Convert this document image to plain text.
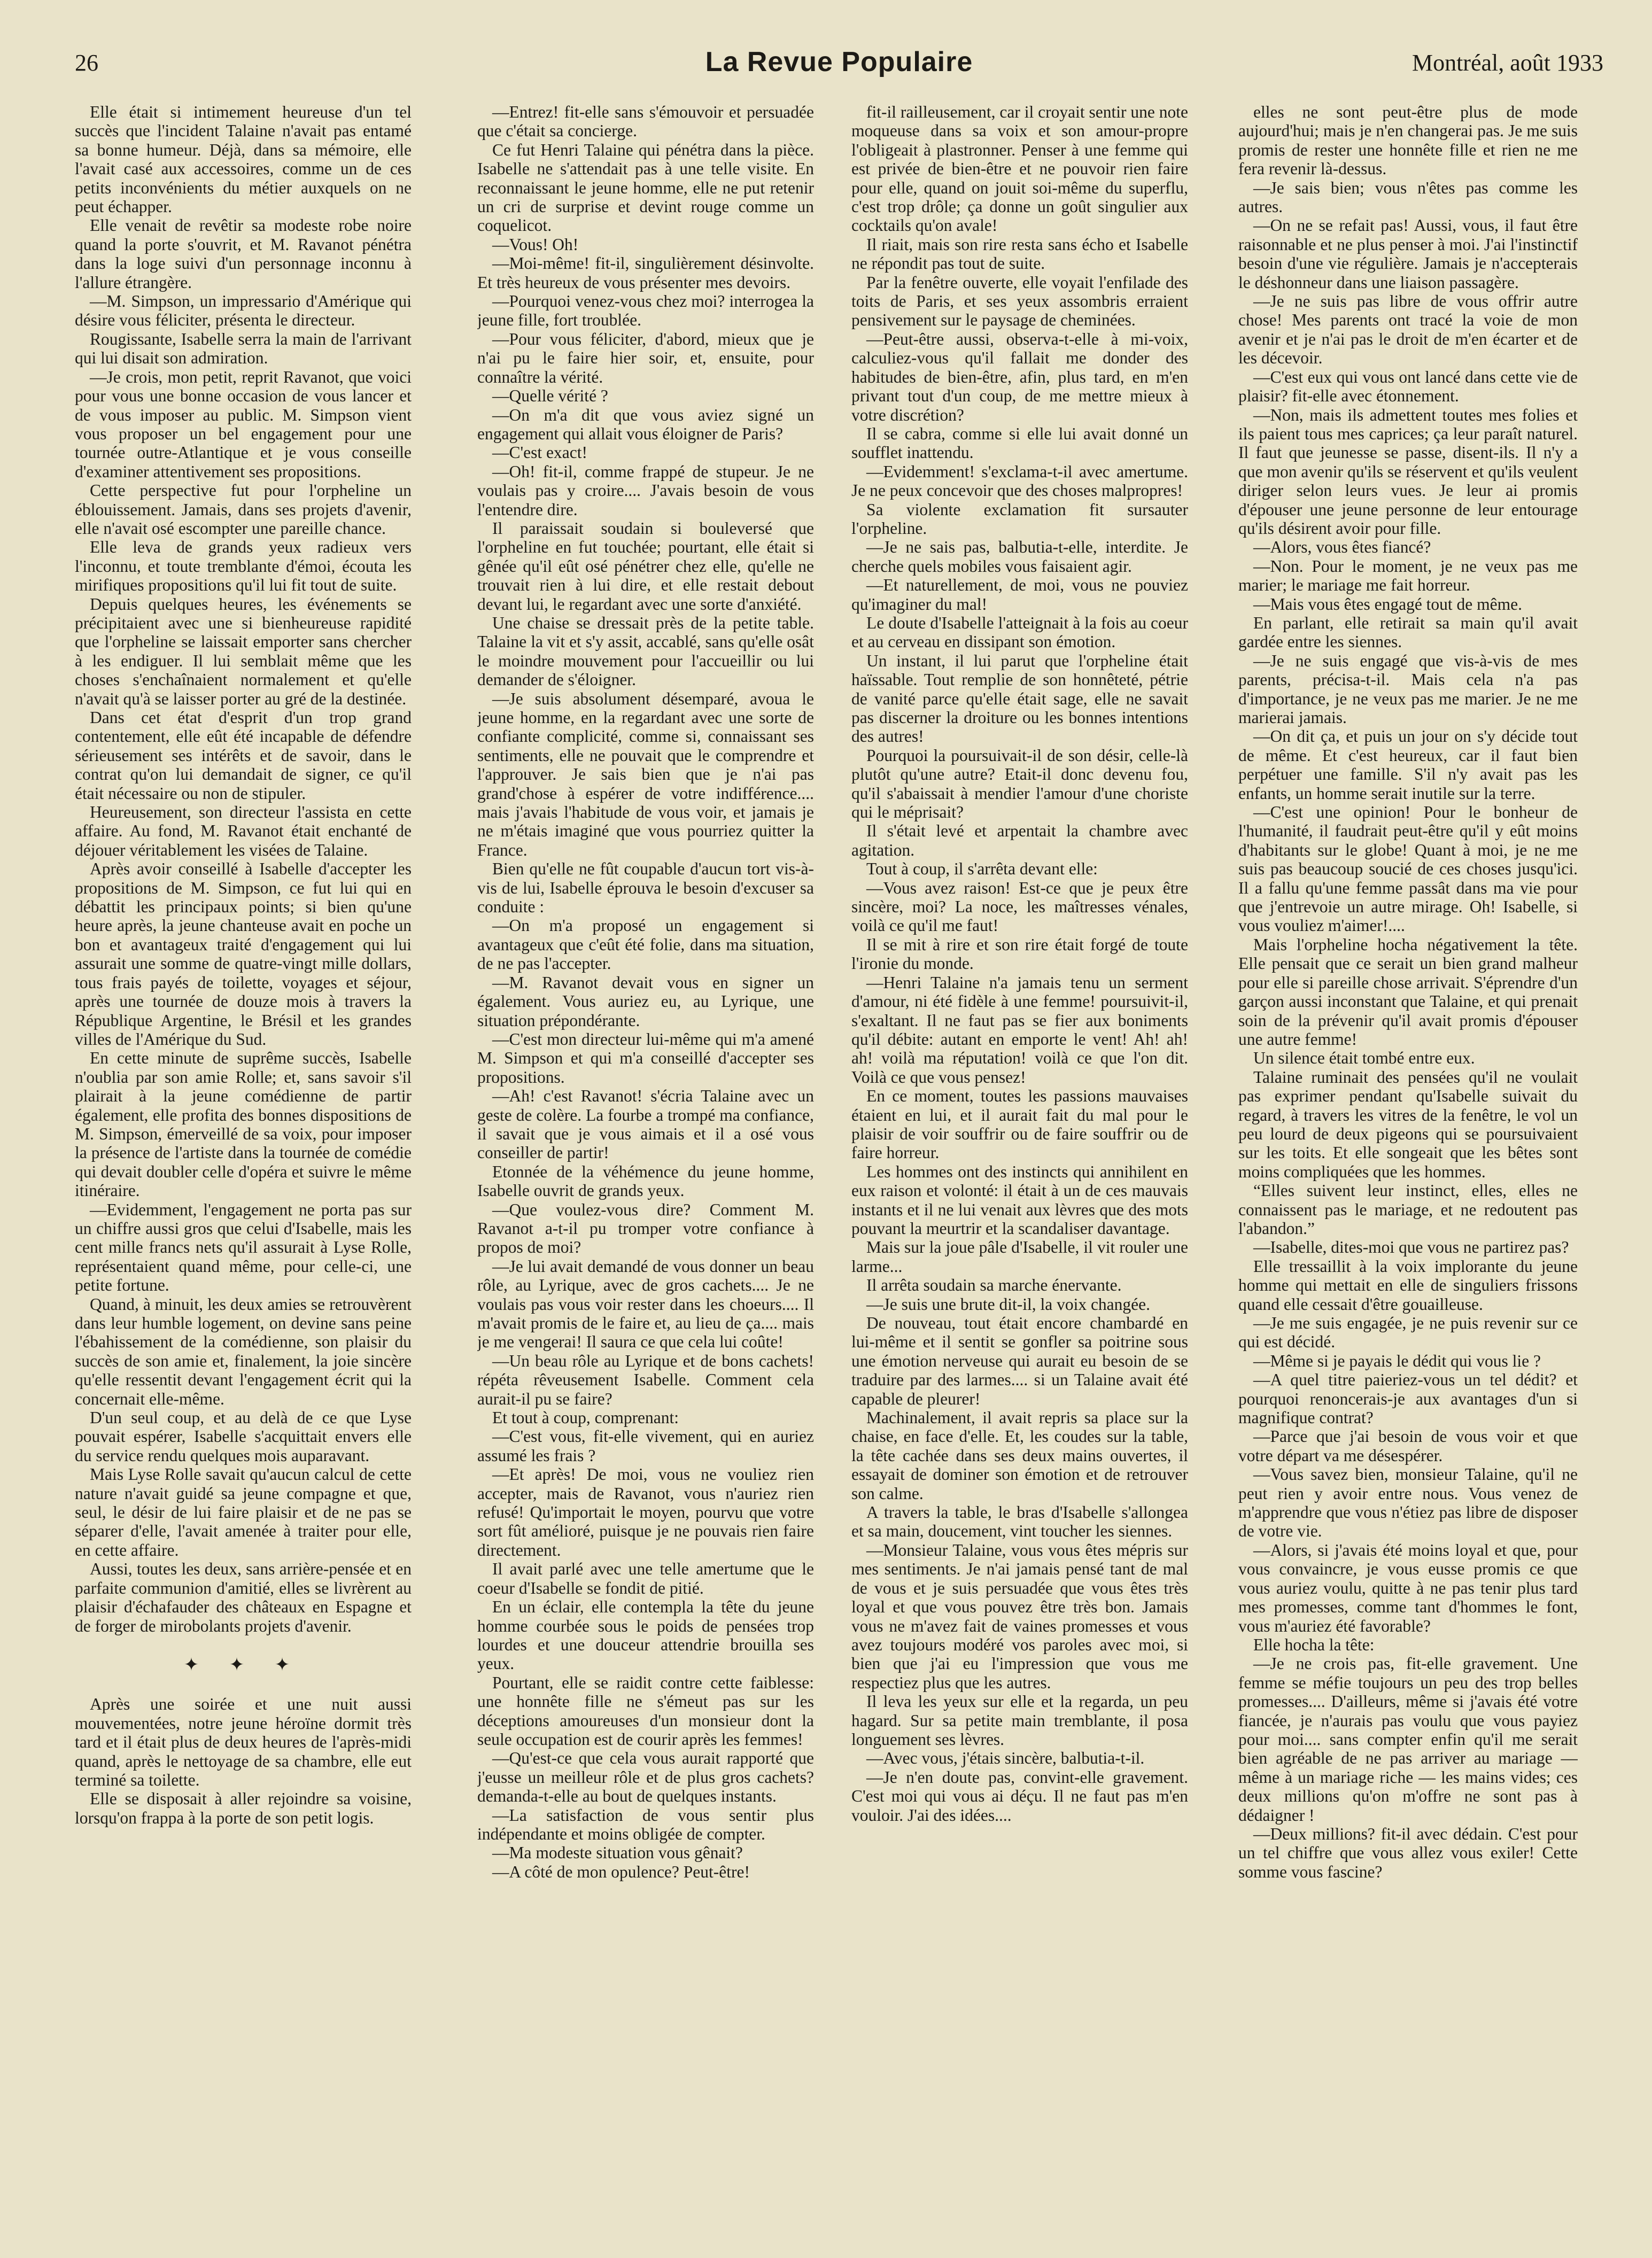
26	La Revue Populaire	Montréal, août 1933

Elle était si intimement heureuse d'un tel succès que l'incident Talaine n'avait pas entamé sa bonne humeur. Déjà, dans sa mémoire, elle l'avait casé aux accessoires, comme un de ces petits inconvénients du métier auxquels on ne peut échapper.

Elle venait de revêtir sa modeste robe noire quand la porte s'ouvrit, et M. Ravanot pénétra dans la loge suivi d'un personnage inconnu à l'allure étrangère.

—M. Simpson, un impressario d'Amérique qui désire vous féliciter, présenta le directeur.

Rougissante, Isabelle serra la main de l'arrivant qui lui disait son admiration.

—Je crois, mon petit, reprit Ravanot, que voici pour vous une bonne occasion de vous lancer et de vous imposer au public. M. Simpson vient vous proposer un bel engagement pour une tournée outre-Atlantique et je vous conseille d'examiner attentivement ses propositions.

Cette perspective fut pour l'orpheline un éblouissement. Jamais, dans ses projets d'avenir, elle n'avait osé escompter une pareille chance.

Elle leva de grands yeux radieux vers l'inconnu, et toute tremblante d'émoi, écouta les mirifiques propositions qu'il lui fit tout de suite.

Depuis quelques heures, les événements se précipitaient avec une si bienheureuse rapidité que l'orpheline se laissait emporter sans chercher à les endiguer. Il lui semblait même que les choses s'enchaînaient normalement et qu'elle n'avait qu'à se laisser porter au gré de la destinée.

Dans cet état d'esprit d'un trop grand contentement, elle eût été incapable de défendre sérieusement ses intérêts et de savoir, dans le contrat qu'on lui demandait de signer, ce qu'il était nécessaire ou non de stipuler.

Heureusement, son directeur l'assista en cette affaire. Au fond, M. Ravanot était enchanté de déjouer véritablement les visées de Talaine.

Après avoir conseillé à Isabelle d'accepter les propositions de M. Simpson, ce fut lui qui en débattit les principaux points; si bien qu'une heure après, la jeune chanteuse avait en poche un bon et avantageux traité d'engagement qui lui assurait une somme de quatre-vingt mille dollars, tous frais payés de toilette, voyages et séjour, après une tournée de douze mois à travers la République Argentine, le Brésil et les grandes villes de l'Amérique du Sud.

En cette minute de suprême succès, Isabelle n'oublia par son amie Rolle; et, sans savoir s'il plairait à la jeune comédienne de partir également, elle profita des bonnes dispositions de M. Simpson, émerveillé de sa voix, pour imposer la présence de l'artiste dans la tournée de comédie qui devait doubler celle d'opéra et suivre le même itinéraire.

—Evidemment, l'engagement ne porta pas sur un chiffre aussi gros que celui d'Isabelle, mais les cent mille francs nets qu'il assurait à Lyse Rolle, représentaient quand même, pour celle-ci, une petite fortune.

Quand, à minuit, les deux amies se retrouvèrent dans leur humble logement, on devine sans peine l'ébahissement de la comédienne, son plaisir du succès de son amie et, finalement, la joie sincère qu'elle ressentit devant l'engagement écrit qui la concernait elle-même.

D'un seul coup, et au delà de ce que Lyse pouvait espérer, Isabelle s'acquittait envers elle du service rendu quelques mois auparavant.

Mais Lyse Rolle savait qu'aucun calcul de cette nature n'avait guidé sa jeune compagne et que, seul, le désir de lui faire plaisir et de ne pas se séparer d'elle, l'avait amenée à traiter pour elle, en cette affaire.

Aussi, toutes les deux, sans arrière-pensée et en parfaite communion d'amitié, elles se livrèrent au plaisir d'échafauder des châteaux en Espagne et de forger de mirobolants projets d'avenir.

✦ ✦ ✦

Après une soirée et une nuit aussi mouvementées, notre jeune héroïne dormit très tard et il était plus de deux heures de l'après-midi quand, après le nettoyage de sa chambre, elle eut terminé sa toilette.

Elle se disposait à aller rejoindre sa voisine, lorsqu'on frappa à la porte de son petit logis.

—Entrez! fit-elle sans s'émouvoir et persuadée que c'était sa concierge.

Ce fut Henri Talaine qui pénétra dans la pièce. Isabelle ne s'attendait pas à une telle visite. En reconnaissant le jeune homme, elle ne put retenir un cri de surprise et devint rouge comme un coquelicot.

—Vous! Oh!

—Moi-même! fit-il, singulièrement désinvolte. Et très heureux de vous présenter mes devoirs.

—Pourquoi venez-vous chez moi? interrogea la jeune fille, fort troublée.

—Pour vous féliciter, d'abord, mieux que je n'ai pu le faire hier soir, et, ensuite, pour connaître la vérité.

—Quelle vérité ?

—On m'a dit que vous aviez signé un engagement qui allait vous éloigner de Paris?

—C'est exact!

—Oh! fit-il, comme frappé de stupeur. Je ne voulais pas y croire.... J'avais besoin de vous l'entendre dire.

Il paraissait soudain si bouleversé que l'orpheline en fut touchée; pourtant, elle était si gênée qu'il eût osé pénétrer chez elle, qu'elle ne trouvait rien à lui dire, et elle restait debout devant lui, le regardant avec une sorte d'anxiété.

Une chaise se dressait près de la petite table. Talaine la vit et s'y assit, accablé, sans qu'elle osât le moindre mouvement pour l'accueillir ou lui demander de s'éloigner.

—Je suis absolument désemparé, avoua le jeune homme, en la regardant avec une sorte de confiante complicité, comme si, connaissant ses sentiments, elle ne pouvait que le comprendre et l'approuver. Je sais bien que je n'ai pas grand'chose à espérer de votre indifférence.... mais j'avais l'habitude de vous voir, et jamais je ne m'étais imaginé que vous pourriez quitter la France.

Bien qu'elle ne fût coupable d'aucun tort vis-à-vis de lui, Isabelle éprouva le besoin d'excuser sa conduite :

—On m'a proposé un engagement si avantageux que c'eût été folie, dans ma situation, de ne pas l'accepter.

—M. Ravanot devait vous en signer un également. Vous auriez eu, au Lyrique, une situation prépondérante.

—C'est mon directeur lui-même qui m'a amené M. Simpson et qui m'a conseillé d'accepter ses propositions.

—Ah! c'est Ravanot! s'écria Talaine avec un geste de colère. La fourbe a trompé ma confiance, il savait que je vous aimais et il a osé vous conseiller de partir!

Etonnée de la véhémence du jeune homme, Isabelle ouvrit de grands yeux.

—Que voulez-vous dire? Comment M. Ravanot a-t-il pu tromper votre confiance à propos de moi?

—Je lui avait demandé de vous donner un beau rôle, au Lyrique, avec de gros cachets.... Je ne voulais pas vous voir rester dans les choeurs.... Il m'avait promis de le faire et, au lieu de ça.... mais je me vengerai! Il saura ce que cela lui coûte!

—Un beau rôle au Lyrique et de bons cachets! répéta rêveusement Isabelle. Comment cela aurait-il pu se faire?

Et tout à coup, comprenant:

—C'est vous, fit-elle vivement, qui en auriez assumé les frais ?

—Et après! De moi, vous ne vouliez rien accepter, mais de Ravanot, vous n'auriez rien refusé! Qu'importait le moyen, pourvu que votre sort fût amélioré, puisque je ne pouvais rien faire directement.

Il avait parlé avec une telle amertume que le coeur d'Isabelle se fondit de pitié.

En un éclair, elle contempla la tête du jeune homme courbée sous le poids de pensées trop lourdes et une douceur attendrie brouilla ses yeux.

Pourtant, elle se raidit contre cette faiblesse: une honnête fille ne s'émeut pas sur les déceptions amoureuses d'un monsieur dont la seule occupation est de courir après les femmes!

—Qu'est-ce que cela vous aurait rapporté que j'eusse un meilleur rôle et de plus gros cachets? demanda-t-elle au bout de quelques instants.

—La satisfaction de vous sentir plus indépendante et moins obligée de compter.

—Ma modeste situation vous gênait?

—A côté de mon opulence? Peut-être!

fit-il railleusement, car il croyait sentir une note moqueuse dans sa voix et son amour-propre l'obligeait à plastronner. Penser à une femme qui est privée de bien-être et ne pouvoir rien faire pour elle, quand on jouit soi-même du superflu, c'est trop drôle; ça donne un goût singulier aux cocktails qu'on avale!

Il riait, mais son rire resta sans écho et Isabelle ne répondit pas tout de suite.

Par la fenêtre ouverte, elle voyait l'enfilade des toits de Paris, et ses yeux assombris erraient pensivement sur le paysage de cheminées.

—Peut-être aussi, observa-t-elle à mi-voix, calculiez-vous qu'il fallait me donder des habitudes de bien-être, afin, plus tard, en m'en privant tout d'un coup, de me mettre mieux à votre discrétion?

Il se cabra, comme si elle lui avait donné un soufflet inattendu.

—Evidemment! s'exclama-t-il avec amertume. Je ne peux concevoir que des choses malpropres!

Sa violente exclamation fit sursauter l'orpheline.

—Je ne sais pas, balbutia-t-elle, interdite. Je cherche quels mobiles vous faisaient agir.

—Et naturellement, de moi, vous ne pouviez qu'imaginer du mal!

Le doute d'Isabelle l'atteignait à la fois au coeur et au cerveau en dissipant son émotion.

Un instant, il lui parut que l'orpheline était haïssable. Tout remplie de son honnêteté, pétrie de vanité parce qu'elle était sage, elle ne savait pas discerner la droiture ou les bonnes intentions des autres!

Pourquoi la poursuivait-il de son désir, celle-là plutôt qu'une autre? Etait-il donc devenu fou, qu'il s'abaissait à mendier l'amour d'une choriste qui le méprisait?

Il s'était levé et arpentait la chambre avec agitation.

Tout à coup, il s'arrêta devant elle:

—Vous avez raison! Est-ce que je peux être sincère, moi? La noce, les maîtresses vénales, voilà ce qu'il me faut!

Il se mit à rire et son rire était forgé de toute l'ironie du monde.

—Henri Talaine n'a jamais tenu un serment d'amour, ni été fidèle à une femme! poursuivit-il, s'exaltant. Il ne faut pas se fier aux boniments qu'il débite: autant en emporte le vent! Ah! ah! ah! voilà ma réputation! voilà ce que l'on dit. Voilà ce que vous pensez!

En ce moment, toutes les passions mauvaises étaient en lui, et il aurait fait du mal pour le plaisir de voir souffrir ou de faire souffrir ou de faire horreur.

Les hommes ont des instincts qui annihilent en eux raison et volonté: il était à un de ces mauvais instants et il ne lui venait aux lèvres que des mots pouvant la meurtrir et la scandaliser davantage.

Mais sur la joue pâle d'Isabelle, il vit rouler une larme...

Il arrêta soudain sa marche énervante.

—Je suis une brute dit-il, la voix changée.

De nouveau, tout était encore chambardé en lui-même et il sentit se gonfler sa poitrine sous une émotion nerveuse qui aurait eu besoin de se traduire par des larmes.... si un Talaine avait été capable de pleurer!

Machinalement, il avait repris sa place sur la chaise, en face d'elle. Et, les coudes sur la table, la tête cachée dans ses deux mains ouvertes, il essayait de dominer son émotion et de retrouver son calme.

A travers la table, le bras d'Isabelle s'allongea et sa main, doucement, vint toucher les siennes.

—Monsieur Talaine, vous vous êtes mépris sur mes sentiments. Je n'ai jamais pensé tant de mal de vous et je suis persuadée que vous êtes très loyal et que vous pouvez être très bon. Jamais vous ne m'avez fait de vaines promesses et vous avez toujours modéré vos paroles avec moi, si bien que j'ai eu l'impression que vous me respectiez plus que les autres.

Il leva les yeux sur elle et la regarda, un peu hagard. Sur sa petite main tremblante, il posa longuement ses lèvres.

—Avec vous, j'étais sincère, balbutia-t-il.

—Je n'en doute pas, convint-elle gravement. C'est moi qui vous ai déçu. Il ne faut pas m'en vouloir. J'ai des idées....

elles ne sont peut-être plus de mode aujourd'hui; mais je n'en changerai pas. Je me suis promis de rester une honnête fille et rien ne me fera revenir là-dessus.

—Je sais bien; vous n'êtes pas comme les autres.

—On ne se refait pas! Aussi, vous, il faut être raisonnable et ne plus penser à moi. J'ai l'instinctif besoin d'une vie régulière. Jamais je n'accepterais le déshonneur dans une liaison passagère.

—Je ne suis pas libre de vous offrir autre chose! Mes parents ont tracé la voie de mon avenir et je n'ai pas le droit de m'en écarter et de les décevoir.

—C'est eux qui vous ont lancé dans cette vie de plaisir? fit-elle avec étonnement.

—Non, mais ils admettent toutes mes folies et ils paient tous mes caprices; ça leur paraît naturel. Il faut que jeunesse se passe, disent-ils. Il n'y a que mon avenir qu'ils se réservent et qu'ils veulent diriger selon leurs vues. Je leur ai promis d'épouser une jeune personne de leur entourage qu'ils désirent avoir pour fille.

—Alors, vous êtes fiancé?

—Non. Pour le moment, je ne veux pas me marier; le mariage me fait horreur.

—Mais vous êtes engagé tout de même.

En parlant, elle retirait sa main qu'il avait gardée entre les siennes.

—Je ne suis engagé que vis-à-vis de mes parents, précisa-t-il. Mais cela n'a pas d'importance, je ne veux pas me marier. Je ne me marierai jamais.

—On dit ça, et puis un jour on s'y décide tout de même. Et c'est heureux, car il faut bien perpétuer une famille. S'il n'y avait pas les enfants, un homme serait inutile sur la terre.

—C'est une opinion! Pour le bonheur de l'humanité, il faudrait peut-être qu'il y eût moins d'habitants sur le globe! Quant à moi, je ne me suis pas beaucoup soucié de ces choses jusqu'ici. Il a fallu qu'une femme passât dans ma vie pour que j'entrevoie un autre mirage. Oh! Isabelle, si vous vouliez m'aimer!....

Mais l'orpheline hocha négativement la tête. Elle pensait que ce serait un bien grand malheur pour elle si pareille chose arrivait. S'éprendre d'un garçon aussi inconstant que Talaine, et qui prenait soin de la prévenir qu'il avait promis d'épouser une autre femme!

Un silence était tombé entre eux.

Talaine ruminait des pensées qu'il ne voulait pas exprimer pendant qu'Isabelle suivait du regard, à travers les vitres de la fenêtre, le vol un peu lourd de deux pigeons qui se poursuivaient sur les toits. Et elle songeait que les bêtes sont moins compliquées que les hommes.

“Elles suivent leur instinct, elles, elles ne connaissent pas le mariage, et ne redoutent pas l'abandon.”

—Isabelle, dites-moi que vous ne partirez pas?

Elle tressaillit à la voix implorante du jeune homme qui mettait en elle de singuliers frissons quand elle cessait d'être gouailleuse.

—Je me suis engagée, je ne puis revenir sur ce qui est décidé.

—Même si je payais le dédit qui vous lie ?

—A quel titre paieriez-vous un tel dédit? et pourquoi renoncerais-je aux avantages d'un si magnifique contrat?

—Parce que j'ai besoin de vous voir et que votre départ va me désespérer.

—Vous savez bien, monsieur Talaine, qu'il ne peut rien y avoir entre nous. Vous venez de m'apprendre que vous n'étiez pas libre de disposer de votre vie.

—Alors, si j'avais été moins loyal et que, pour vous convaincre, je vous eusse promis ce que vous auriez voulu, quitte à ne pas tenir plus tard mes promesses, comme tant d'hommes le font, vous m'auriez été favorable?

Elle hocha la tête:

—Je ne crois pas, fit-elle gravement. Une femme se méfie toujours un peu des trop belles promesses.... D'ailleurs, même si j'avais été votre fiancée, je n'aurais pas voulu que vous payiez pour moi.... sans compter enfin qu'il me serait bien agréable de ne pas arriver au mariage — même à un mariage riche — les mains vides; ces deux millions qu'on m'offre ne sont pas à dédaigner !

—Deux millions? fit-il avec dédain. C'est pour un tel chiffre que vous allez vous exiler! Cette somme vous fascine?
